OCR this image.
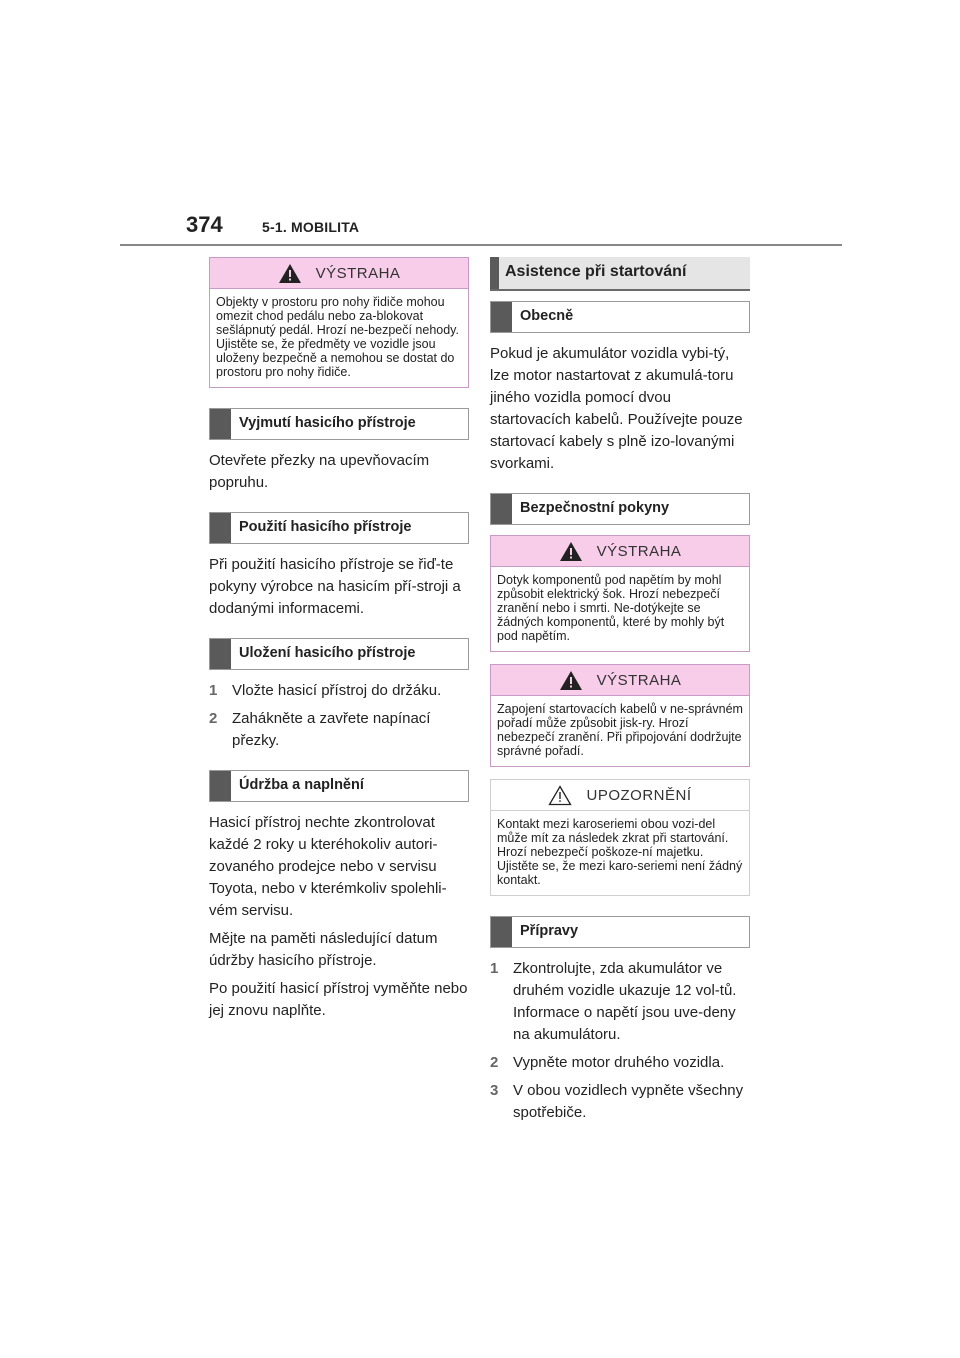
374	5-1. MOBILITA
VÝSTRAHA
Objekty v prostoru pro nohy řidiče mohou omezit chod pedálu nebo za-blokovat sešlápnutý pedál. Hrozí ne-bezpečí nehody. Ujistěte se, že předměty ve vozidle jsou uloženy bezpečně a nemohou se dostat do prostoru pro nohy řidiče.
Vyjmutí hasicího přístroje

Otevřete přezky na upevňovacím popruhu.

Použití hasicího přístroje

Při použití hasicího přístroje se řiď-te pokyny výrobce na hasicím pří-stroji a dodanými informacemi.

Uložení hasicího přístroje
1 Vložte hasicí přístroj do držáku.
2 Zahákněte a zavřete napínací přezky.
Údržba a naplnění

Hasicí přístroj nechte zkontrolovat každé 2 roky u kteréhokoliv autori-zovaného prodejce nebo v servisu Toyota, nebo v kterémkoliv spolehli-vém servisu.

Mějte na paměti následující datum údržby hasicího přístroje.

Po použití hasicí přístroj vyměňte nebo jej znovu naplňte.

Asistence při startování
Obecně

Pokud je akumulátor vozidla vybi-tý, lze motor nastartovat z akumulá-toru jiného vozidla pomocí dvou startovacích kabelů. Používejte pouze startovací kabely s plně izo-lovanými svorkami.

Bezpečnostní pokyny
VÝSTRAHA
Dotyk komponentů pod napětím by mohl způsobit elektrický šok. Hrozí nebezpečí zranění nebo i smrti. Ne-dotýkejte se žádných komponentů, které by mohly být pod napětím.
VÝSTRAHA
Zapojení startovacích kabelů v ne-správném pořadí může způsobit jisk-ry. Hrozí nebezpečí zranění. Při připojování dodržujte správné pořadí.
UPOZORNĚNÍ
Kontakt mezi karoseriemi obou vozi-del může mít za následek zkrat při startování. Hrozí nebezpečí poškoze-ní majetku. Ujistěte se, že mezi karo-seriemi není žádný kontakt.
Přípravy
1 Zkontrolujte, zda akumulátor ve druhém vozidle ukazuje 12 vol-tů. Informace o napětí jsou uve-deny na akumulátoru.
2 Vypněte motor druhého vozidla.
3 V obou vozidlech vypněte všechny spotřebiče.
